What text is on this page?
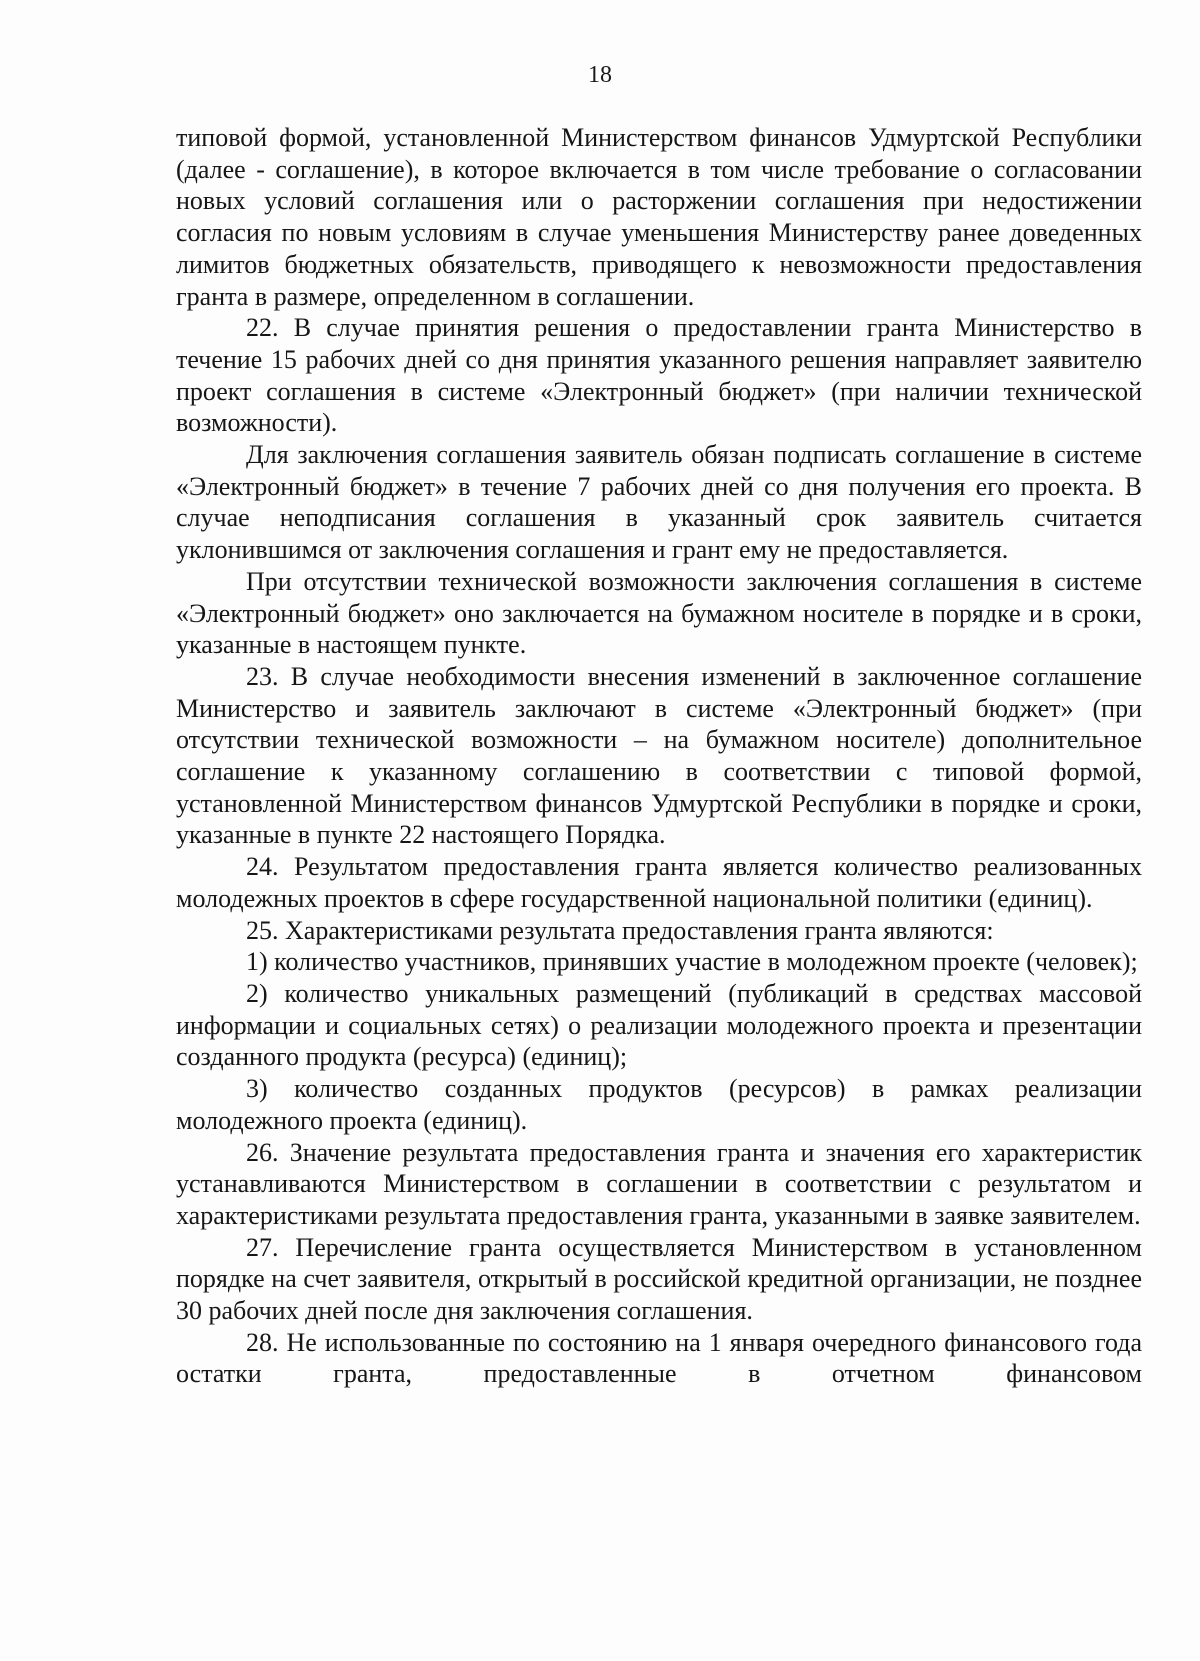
18

типовой формой, установленной Министерством финансов Удмуртской Республики (далее - соглашение), в которое включается в том числе требование о согласовании новых условий соглашения или о расторжении соглашения при недостижении согласия по новым условиям в случае уменьшения Министерству ранее доведенных лимитов бюджетных обязательств, приводящего к невозможности предоставления гранта в размере, определенном в соглашении.

22. В случае принятия решения о предоставлении гранта Министерство в течение 15 рабочих дней со дня принятия указанного решения направляет заявителю проект соглашения в системе «Электронный бюджет» (при наличии технической возможности).

Для заключения соглашения заявитель обязан подписать соглашение в системе «Электронный бюджет» в течение 7 рабочих дней со дня получения его проекта. В случае неподписания соглашения в указанный срок заявитель считается уклонившимся от заключения соглашения и грант ему не предоставляется.

При отсутствии технической возможности заключения соглашения в системе «Электронный бюджет» оно заключается на бумажном носителе в порядке и в сроки, указанные в настоящем пункте.

23. В случае необходимости внесения изменений в заключенное соглашение Министерство и заявитель заключают в системе «Электронный бюджет» (при отсутствии технической возможности – на бумажном носителе) дополнительное соглашение к указанному соглашению в соответствии с типовой формой, установленной Министерством финансов Удмуртской Республики в порядке и сроки, указанные в пункте 22 настоящего Порядка.

24. Результатом предоставления гранта является количество реализованных молодежных проектов в сфере государственной национальной политики (единиц).

25. Характеристиками результата предоставления гранта являются:

1) количество участников, принявших участие в молодежном проекте (человек);

2) количество уникальных размещений (публикаций в средствах массовой информации и социальных сетях) о реализации молодежного проекта и презентации созданного продукта (ресурса) (единиц);

3) количество созданных продуктов (ресурсов) в рамках реализации молодежного проекта (единиц).

26. Значение результата предоставления гранта и значения его характеристик устанавливаются Министерством в соглашении в соответствии с результатом и характеристиками результата предоставления гранта, указанными в заявке заявителем.

27. Перечисление гранта осуществляется Министерством в установленном порядке на счет заявителя, открытый в российской кредитной организации, не позднее 30 рабочих дней после дня заключения соглашения.

28. Не использованные по состоянию на 1 января очередного финансового года остатки гранта, предоставленные в отчетном финансовом
